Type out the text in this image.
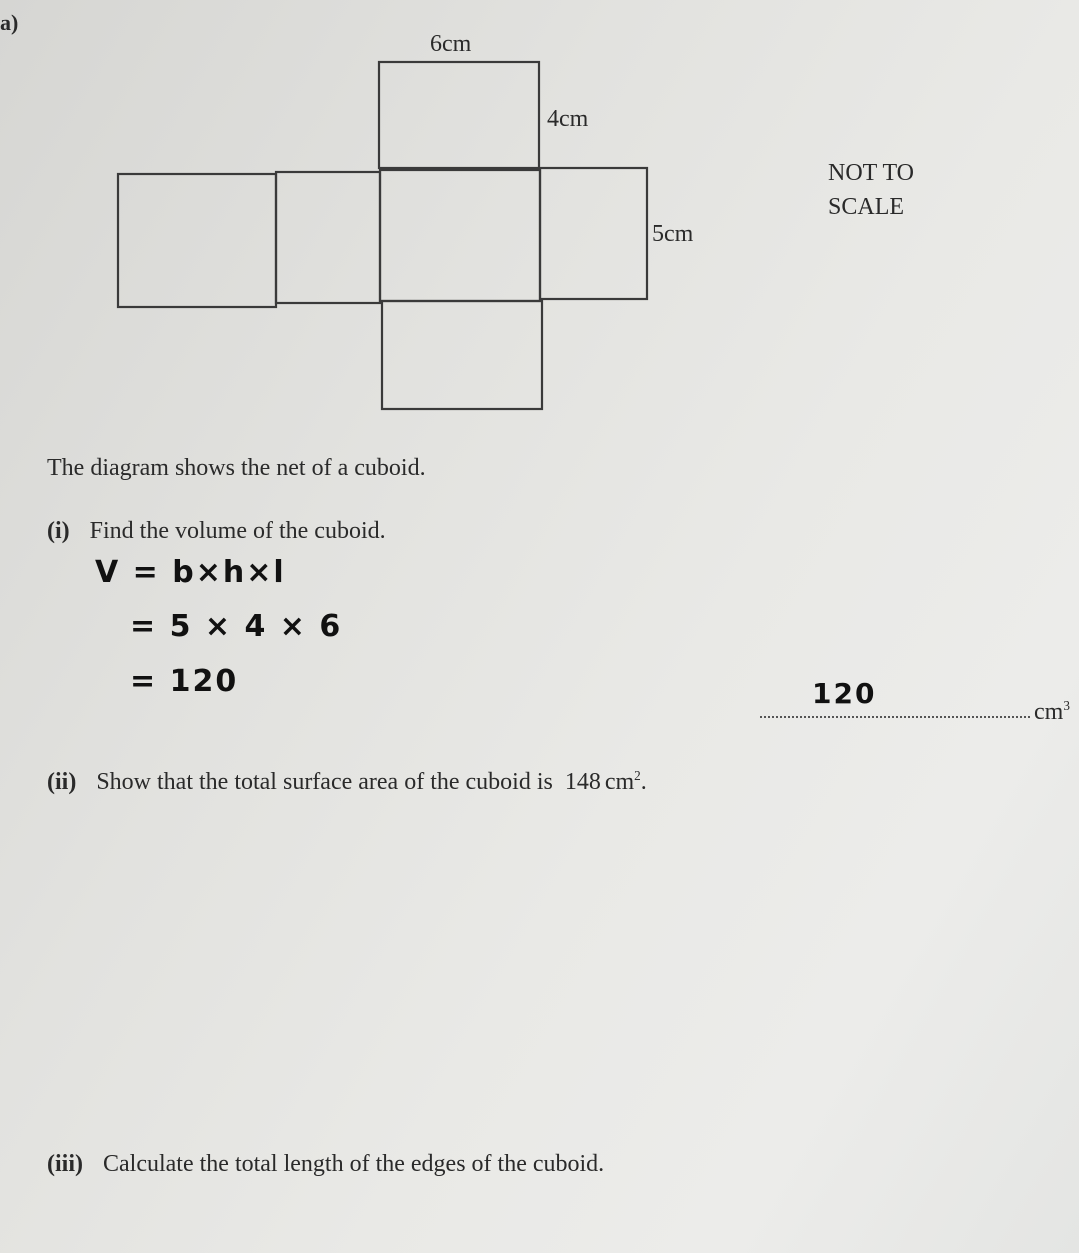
a)
6cm
4cm
5cm
NOT TO
SCALE
The diagram shows the net of a cuboid.
(i) Find the volume of the cuboid.
V = b×h×l
= 5 × 4 × 6
= 120	120
$cm^3$
(ii) Show that the total surface area of the cuboid is 148 $cm^2$.
(iii) Calculate the total length of the edges of the cuboid.
